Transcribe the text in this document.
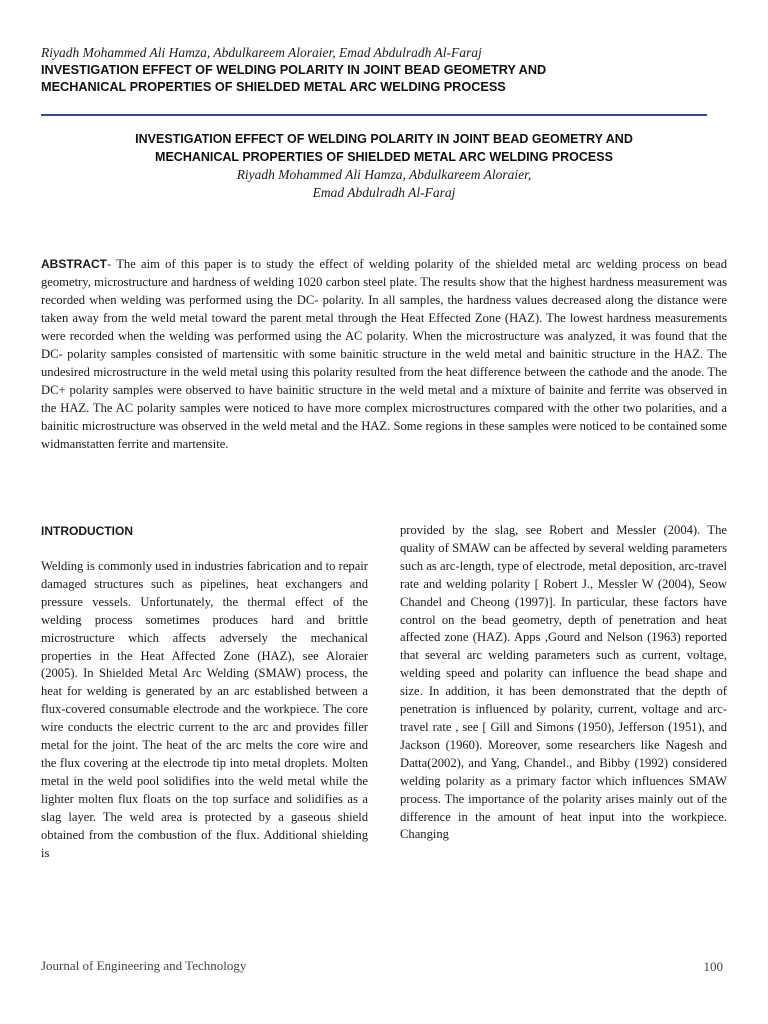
Riyadh Mohammed Ali Hamza, Abdulkareem Aloraier, Emad Abdulradh Al-Faraj
INVESTIGATION EFFECT OF WELDING POLARITY IN JOINT BEAD GEOMETRY AND
MECHANICAL PROPERTIES OF SHIELDED METAL ARC WELDING PROCESS
INVESTIGATION EFFECT OF WELDING POLARITY IN JOINT BEAD GEOMETRY AND
MECHANICAL PROPERTIES OF SHIELDED METAL ARC WELDING PROCESS
Riyadh Mohammed Ali Hamza, Abdulkareem Aloraier,
Emad Abdulradh Al-Faraj

ABSTRACT- The aim of this paper is to study the effect of welding polarity of the shielded metal arc welding process on bead geometry, microstructure and hardness of welding 1020 carbon steel plate. The results show that the highest hardness measurement was recorded when welding was performed using the DC- polarity. In all samples, the hardness values decreased along the distance were taken away from the weld metal toward the parent metal through the Heat Effected Zone (HAZ). The lowest hardness measurements were recorded when the welding was performed using the AC polarity. When the microstructure was analyzed, it was found that the DC- polarity samples consisted of martensitic with some bainitic structure in the weld metal and bainitic structure in the HAZ. The undesired microstructure in the weld metal using this polarity resulted from the heat difference between the cathode and the anode. The DC+ polarity samples were observed to have bainitic structure in the weld metal and a mixture of bainite and ferrite was observed in the HAZ. The AC polarity samples were noticed to have more complex microstructures compared with the other two polarities, and a bainitic microstructure was observed in the weld metal and the HAZ. Some regions in these samples were noticed to be contained some widmanstatten ferrite and martensite.

INTRODUCTION

Welding is commonly used in industries fabrication and to repair damaged structures such as pipelines, heat exchangers and pressure vessels. Unfortunately, the thermal effect of the welding process sometimes produces hard and brittle microstructure which affects adversely the mechanical properties in the Heat Affected Zone (HAZ), see Aloraier (2005). In Shielded Metal Arc Welding (SMAW) process, the heat for welding is generated by an arc established between a flux-covered consumable electrode and the workpiece. The core wire conducts the electric current to the arc and provides filler metal for the joint. The heat of the arc melts the core wire and the flux covering at the electrode tip into metal droplets. Molten metal in the weld pool solidifies into the weld metal while the lighter molten flux floats on the top surface and solidifies as a slag layer. The weld area is protected by a gaseous shield obtained from the combustion of the flux. Additional shielding is

provided by the slag, see Robert and Messler (2004). The quality of SMAW can be affected by several welding parameters such as arc-length, type of electrode, metal deposition, arc-travel rate and welding polarity [ Robert J., Messler W (2004), Seow Chandel and Cheong (1997)]. In particular, these factors have control on the bead geometry, depth of penetration and heat affected zone (HAZ). Apps ,Gourd and Nelson (1963) reported that several arc welding parameters such as current, voltage, welding speed and polarity can influence the bead shape and size. In addition, it has been demonstrated that the depth of penetration is influenced by polarity, current, voltage and arc-travel rate , see [ Gill and Simons (1950), Jefferson (1951), and Jackson (1960). Moreover, some researchers like Nagesh and Datta(2002), and Yang, Chandel., and Bibby (1992) considered welding polarity as a primary factor which influences SMAW process. The importance of the polarity arises mainly out of the difference in the amount of heat input into the workpiece. Changing

Journal of Engineering and Technology	100
